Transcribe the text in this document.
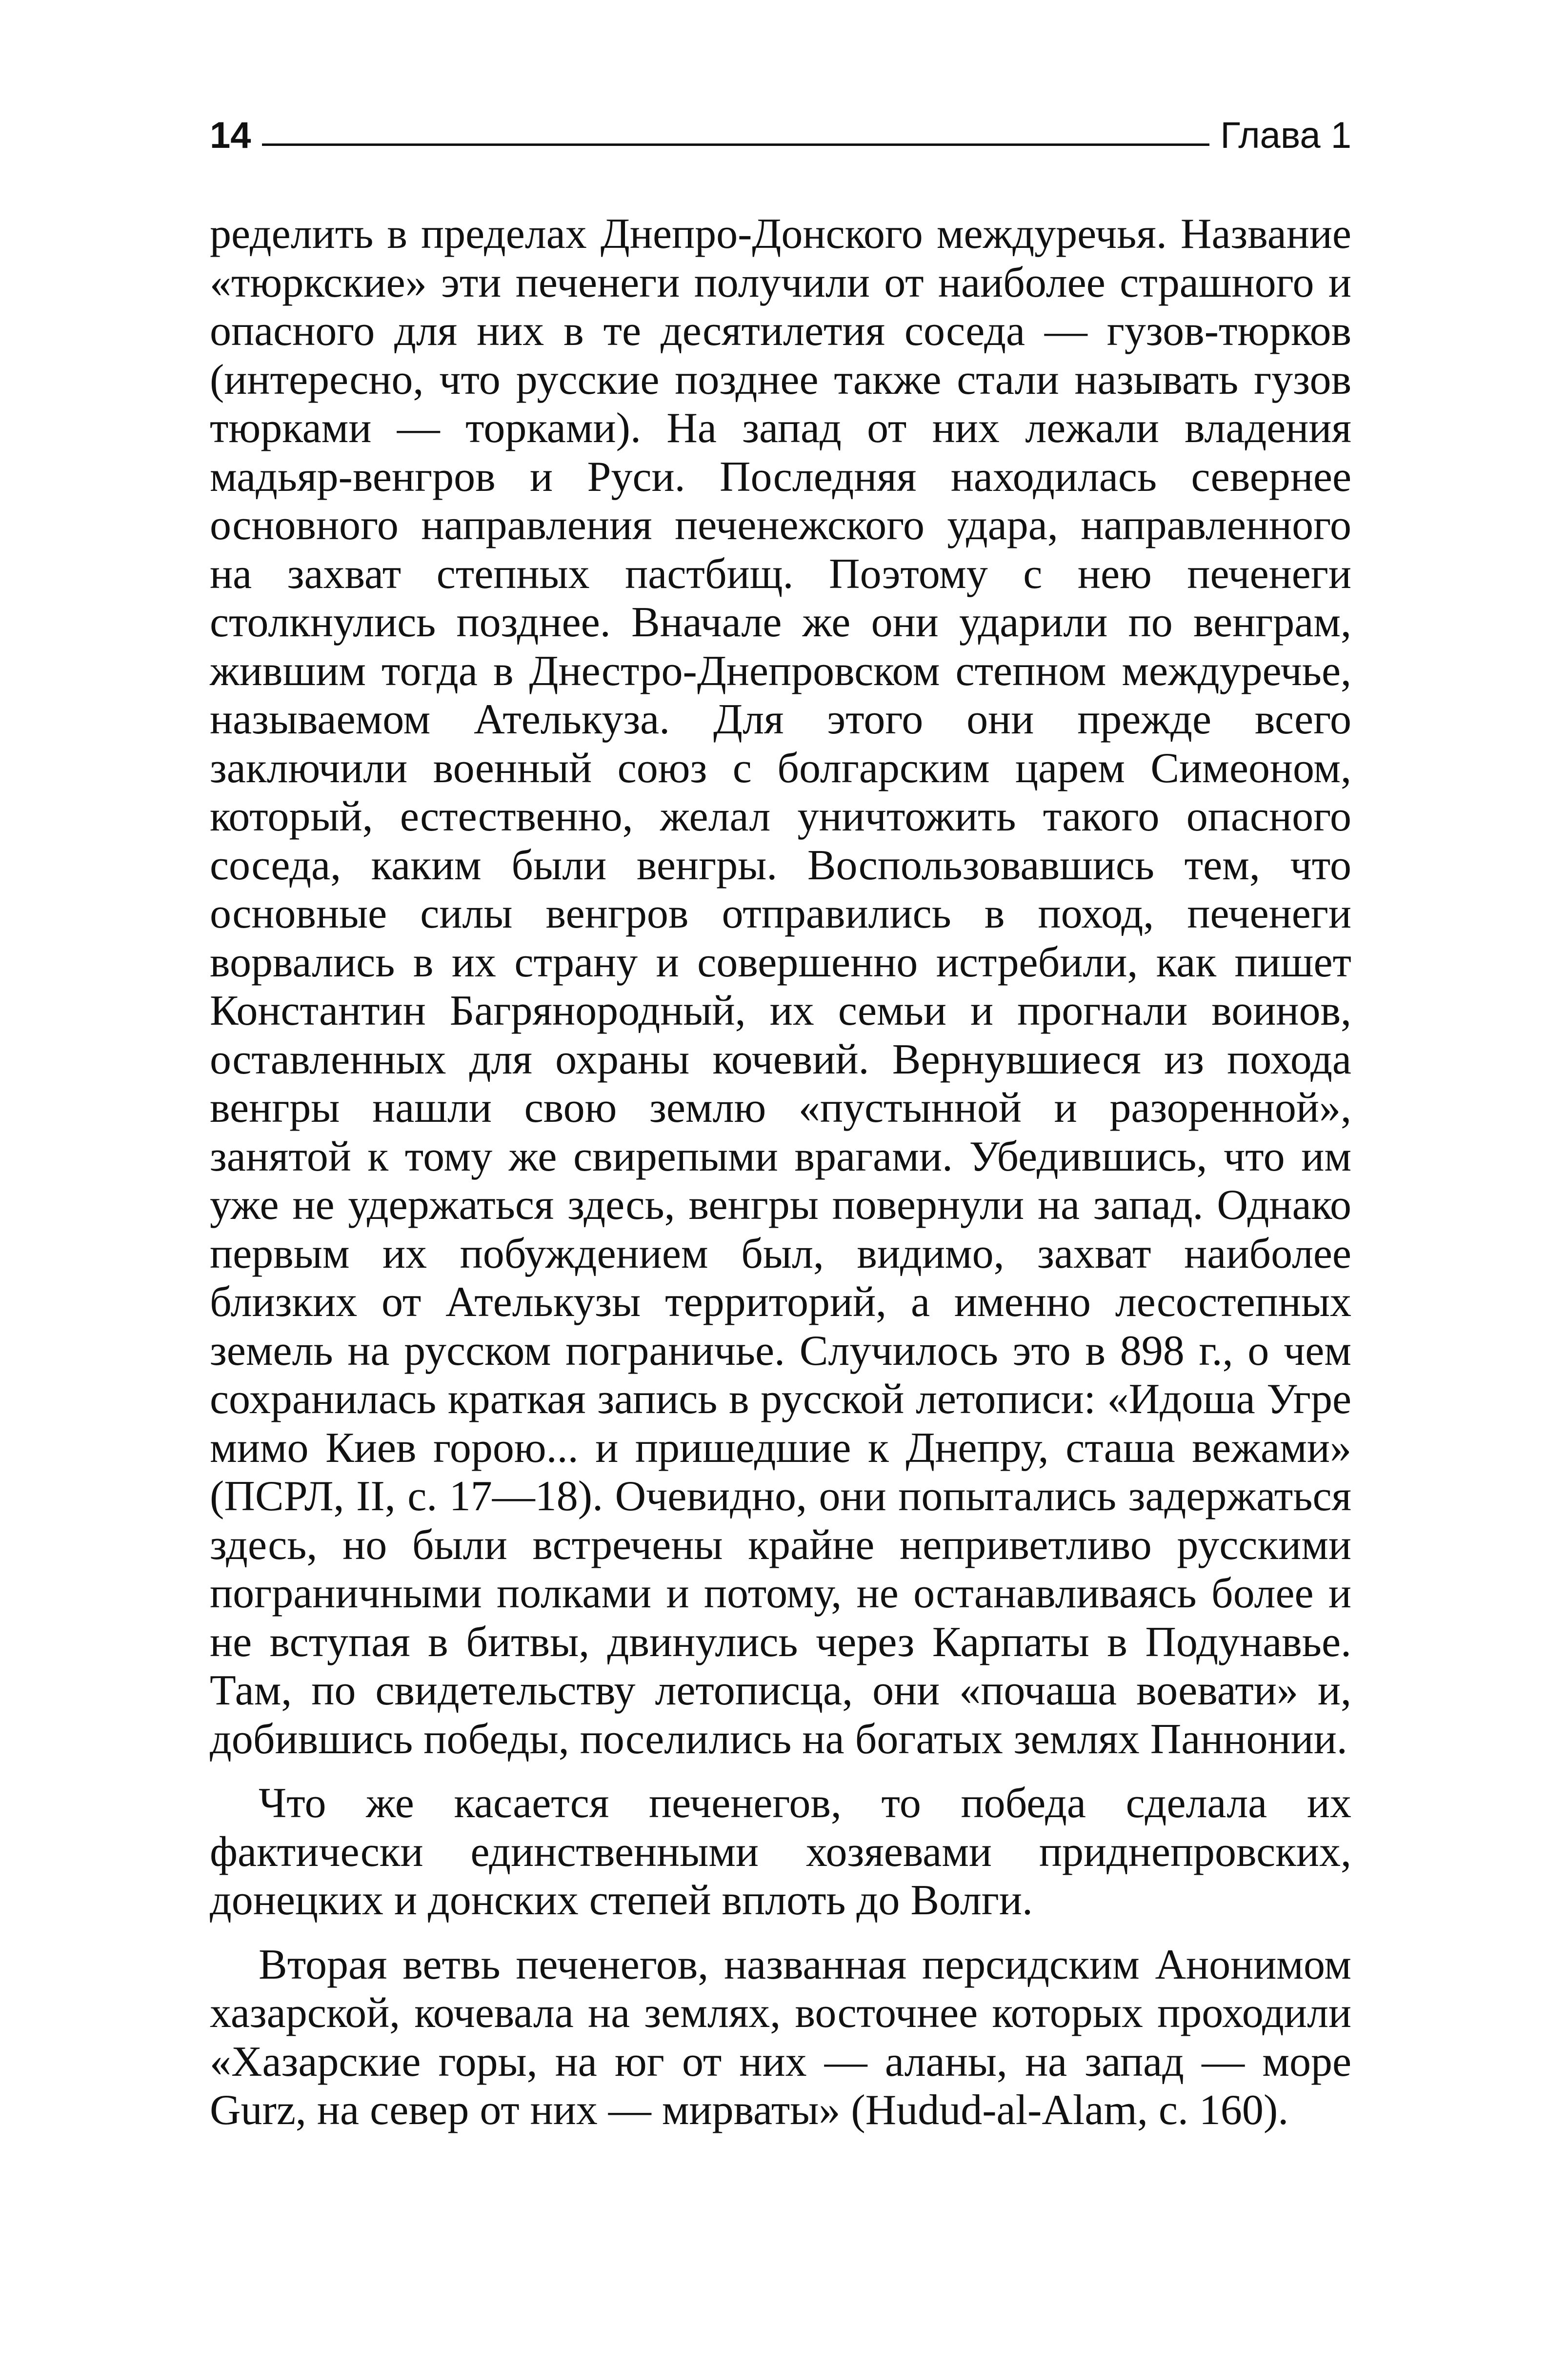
14	Глава 1

ределить в пределах Днепро-Донского междуречья. Название «тюркские» эти печенеги получили от наиболее страшного и опасного для них в те десятилетия соседа — гузов-тюрков (интересно, что русские позднее также стали называть гузов тюрками — торками). На запад от них лежали владения мадьяр-венгров и Руси. Последняя находилась севернее основного направления печенежского удара, направленного на захват степных пастбищ. Поэтому с нею печенеги столкнулись позднее. Вначале же они ударили по венграм, жившим тогда в Днестро-Днепровском степном междуречье, называемом Ателькуза. Для этого они прежде всего заключили военный союз с болгарским царем Симеоном, который, естественно, желал уничтожить такого опасного соседа, каким были венгры. Воспользовавшись тем, что основные силы венгров отправились в поход, печенеги ворвались в их страну и совершенно истребили, как пишет Константин Багрянородный, их семьи и прогнали воинов, оставленных для охраны кочевий. Вернувшиеся из похода венгры нашли свою землю «пустынной и разоренной», занятой к тому же свирепыми врагами. Убедившись, что им уже не удержаться здесь, венгры повернули на запад. Однако первым их побуждением был, видимо, захват наиболее близких от Ателькузы территорий, а именно лесостепных земель на русском пограничье. Случилось это в 898 г., о чем сохранилась краткая запись в русской летописи: «Идоша Угре мимо Киев горою... и пришедшие к Днепру, сташа вежами» (ПСРЛ, II, с. 17—18). Очевидно, они попытались задержаться здесь, но были встречены крайне неприветливо русскими пограничными полками и потому, не останавливаясь более и не вступая в битвы, двинулись через Карпаты в Подунавье. Там, по свидетельству летописца, они «почаша воевати» и, добившись победы, поселились на богатых землях Паннонии.

Что же касается печенегов, то победа сделала их фактически единственными хозяевами приднепровских, донецких и донских степей вплоть до Волги.

Вторая ветвь печенегов, названная персидским Анонимом хазарской, кочевала на землях, восточнее которых проходили «Хазарские горы, на юг от них — аланы, на запад — море Gurz, на север от них — мирваты» (Hudud-al-Alam, с. 160).
